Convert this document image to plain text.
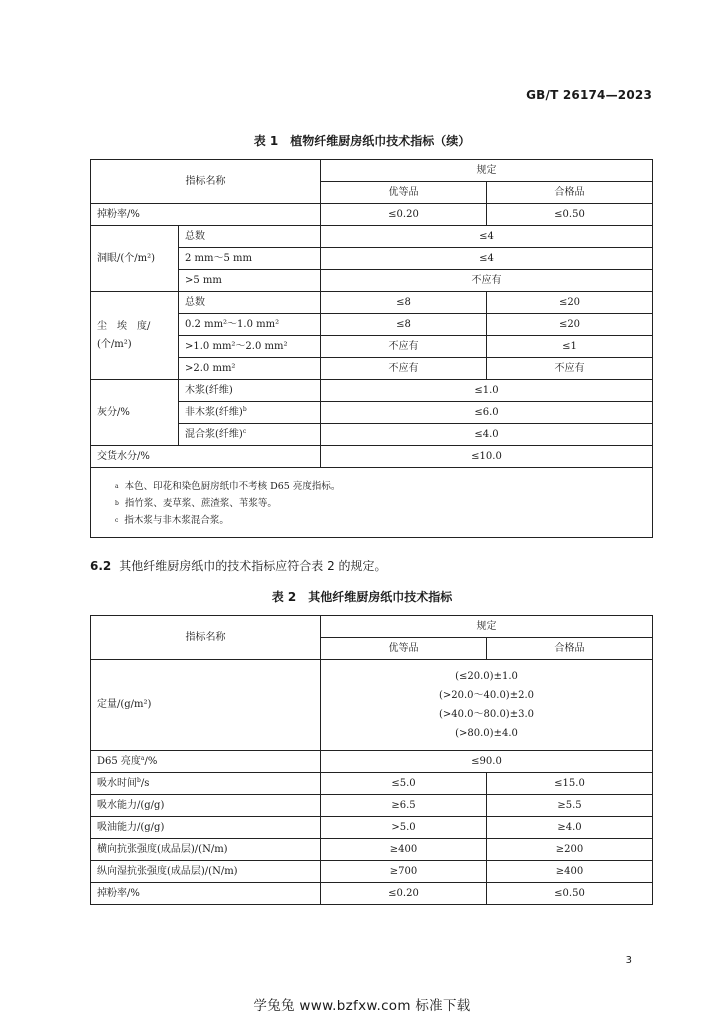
GB/T 26174—2023
表 1　植物纤维厨房纸巾技术指标（续）
指标名称		规定	
		优等品	合格品
掉粉率/%		≤0.20	≤0.50
洞眼/(个/m²)	总数	≤4	
	2 mm～5 mm	≤4	
	>5 mm	不应有	

尘　埃　度/
(个/m²)	总数	≤8	≤20
	0.2 mm²～1.0 mm²	≤8	≤20
	>1.0 mm²～2.0 mm²	不应有	≤1
	>2.0 mm²	不应有	不应有
灰分/%	木浆(纤维)	≤1.0	
	非木浆(纤维)$^b$	≤6.0	
	混合浆(纤维)$^c$	≤4.0	
交货水分/%		≤10.0	

$^a$ 本色、印花和染色厨房纸巾不考核 D65 亮度指标。
$^b$ 指竹浆、麦草浆、蔗渣浆、苇浆等。
$^c$ 指木浆与非木浆混合浆。			
6.2 其他纤维厨房纸巾的技术指标应符合表 2 的规定。
表 2　其他纤维厨房纸巾技术指标
指标名称	规定	
	优等品	合格品
定量/(g/m²)	(≤20.0)±1.0
(>20.0～40.0)±2.0
(>40.0～80.0)±3.0
(>80.0)±4.0	

D65 亮度$^a$/%	≤90.0	
吸水时间$^b$/s	≤5.0	≤15.0
吸水能力/(g/g)	≥6.5	≥5.5
吸油能力/(g/g)	>5.0	≥4.0
横向抗张强度(成品层)/(N/m)	≥400	≥200
纵向湿抗张强度(成品层)/(N/m)	≥700	≥400
掉粉率/%	≤0.20	≤0.50
3
学兔兔 www.bzfxw.com 标准下载
